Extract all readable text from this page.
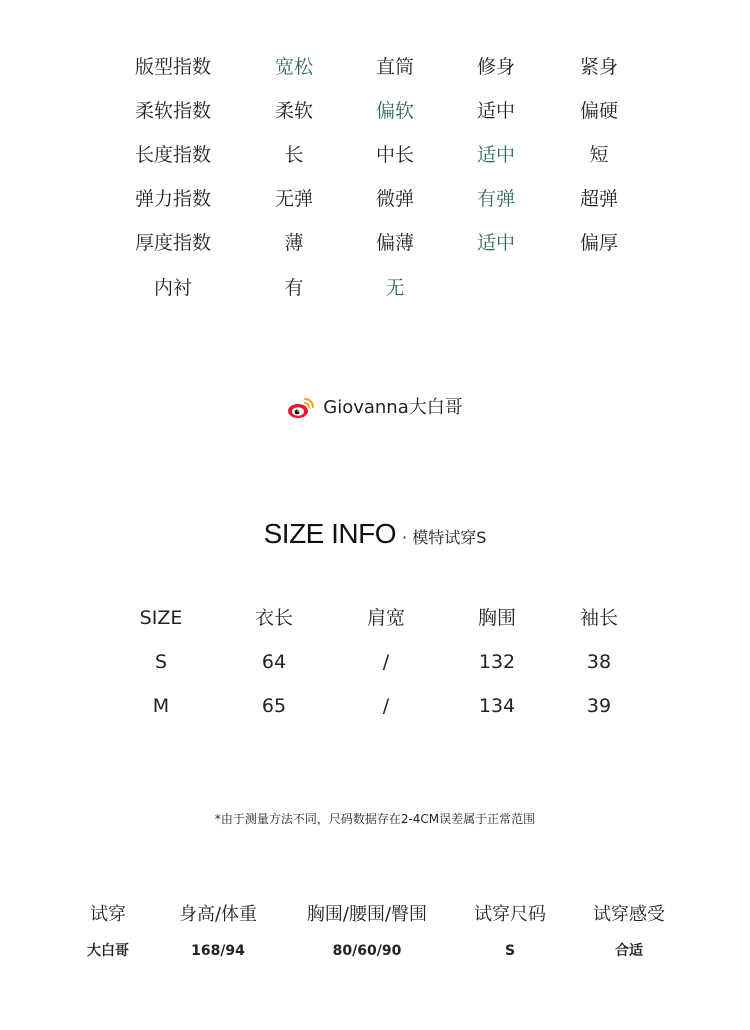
版型指数	宽松	直筒	修身	紧身
柔软指数	柔软	偏软	适中	偏硬
长度指数	长	中长	适中	短
弹力指数	无弹	微弹	有弹	超弹
厚度指数	薄	偏薄	适中	偏厚
内衬	有	无
Giovanna大白哥
SIZE INFO · 模特试穿S
SIZE	衣长	肩宽	胸围	袖长
S	64	/	132	38
M	65	/	134	39
*由于测量方法不同，尺码数据存在2-4CM误差属于正常范围
试穿	身高/体重	胸围/腰围/臀围	试穿尺码	试穿感受
大白哥	168/94	80/60/90	S	合适
